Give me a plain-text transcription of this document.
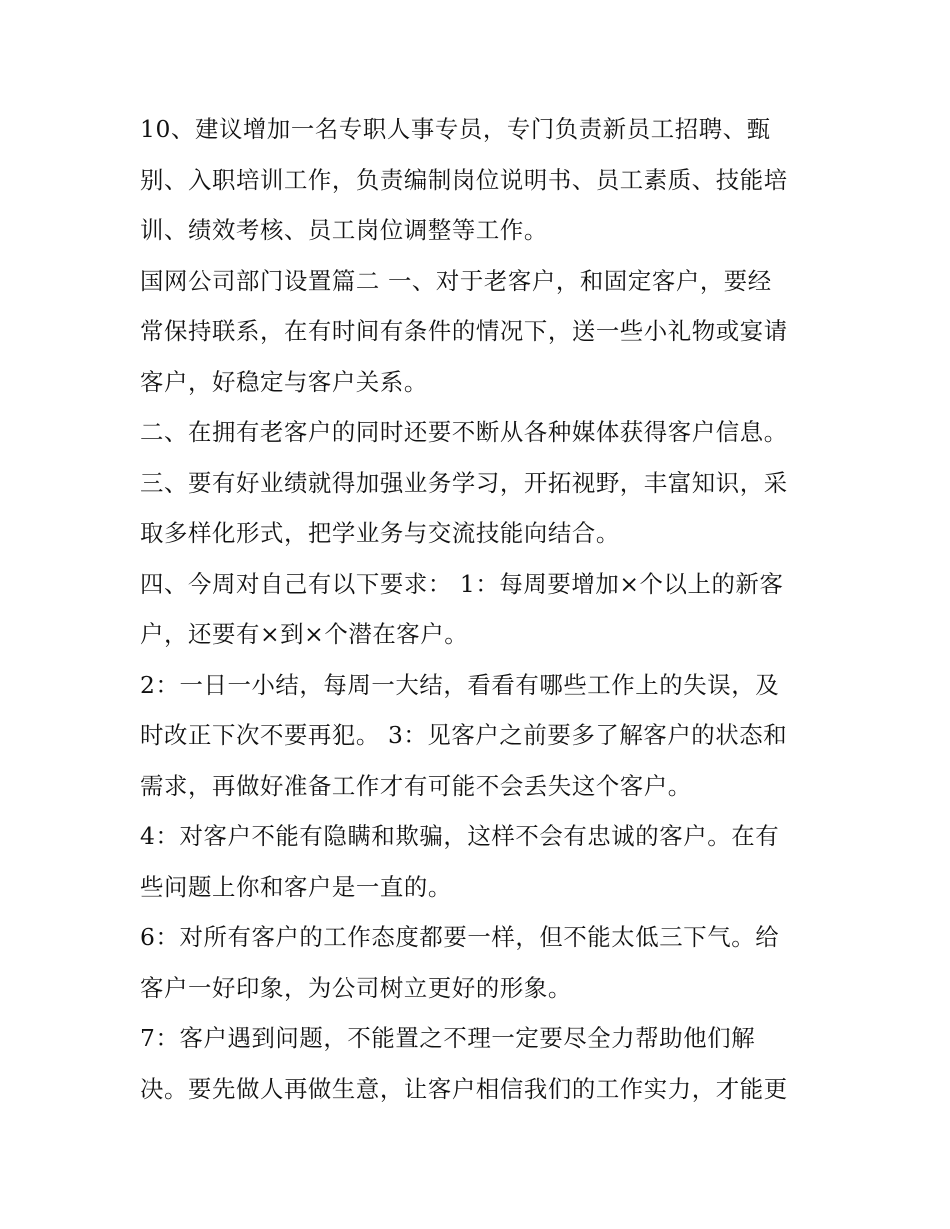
10、建议增加一名专职人事专员，专门负责新员工招聘、甄
别、入职培训工作，负责编制岗位说明书、员工素质、技能培
训、绩效考核、员工岗位调整等工作。
国网公司部门设置篇二 一、对于老客户，和固定客户，要经
常保持联系，在有时间有条件的情况下，送一些小礼物或宴请
客户，好稳定与客户关系。
二、在拥有老客户的同时还要不断从各种媒体获得客户信息。
三、要有好业绩就得加强业务学习，开拓视野，丰富知识，采
取多样化形式，把学业务与交流技能向结合。
四、今周对自己有以下要求： 1：每周要增加×个以上的新客
户，还要有×到×个潜在客户。
2：一日一小结，每周一大结，看看有哪些工作上的失误，及
时改正下次不要再犯。 3：见客户之前要多了解客户的状态和
需求，再做好准备工作才有可能不会丢失这个客户。
4：对客户不能有隐瞒和欺骗，这样不会有忠诚的客户。在有
些问题上你和客户是一直的。
6：对所有客户的工作态度都要一样，但不能太低三下气。给
客户一好印象，为公司树立更好的形象。
7：客户遇到问题，不能置之不理一定要尽全力帮助他们解
决。要先做人再做生意，让客户相信我们的工作实力，才能更
